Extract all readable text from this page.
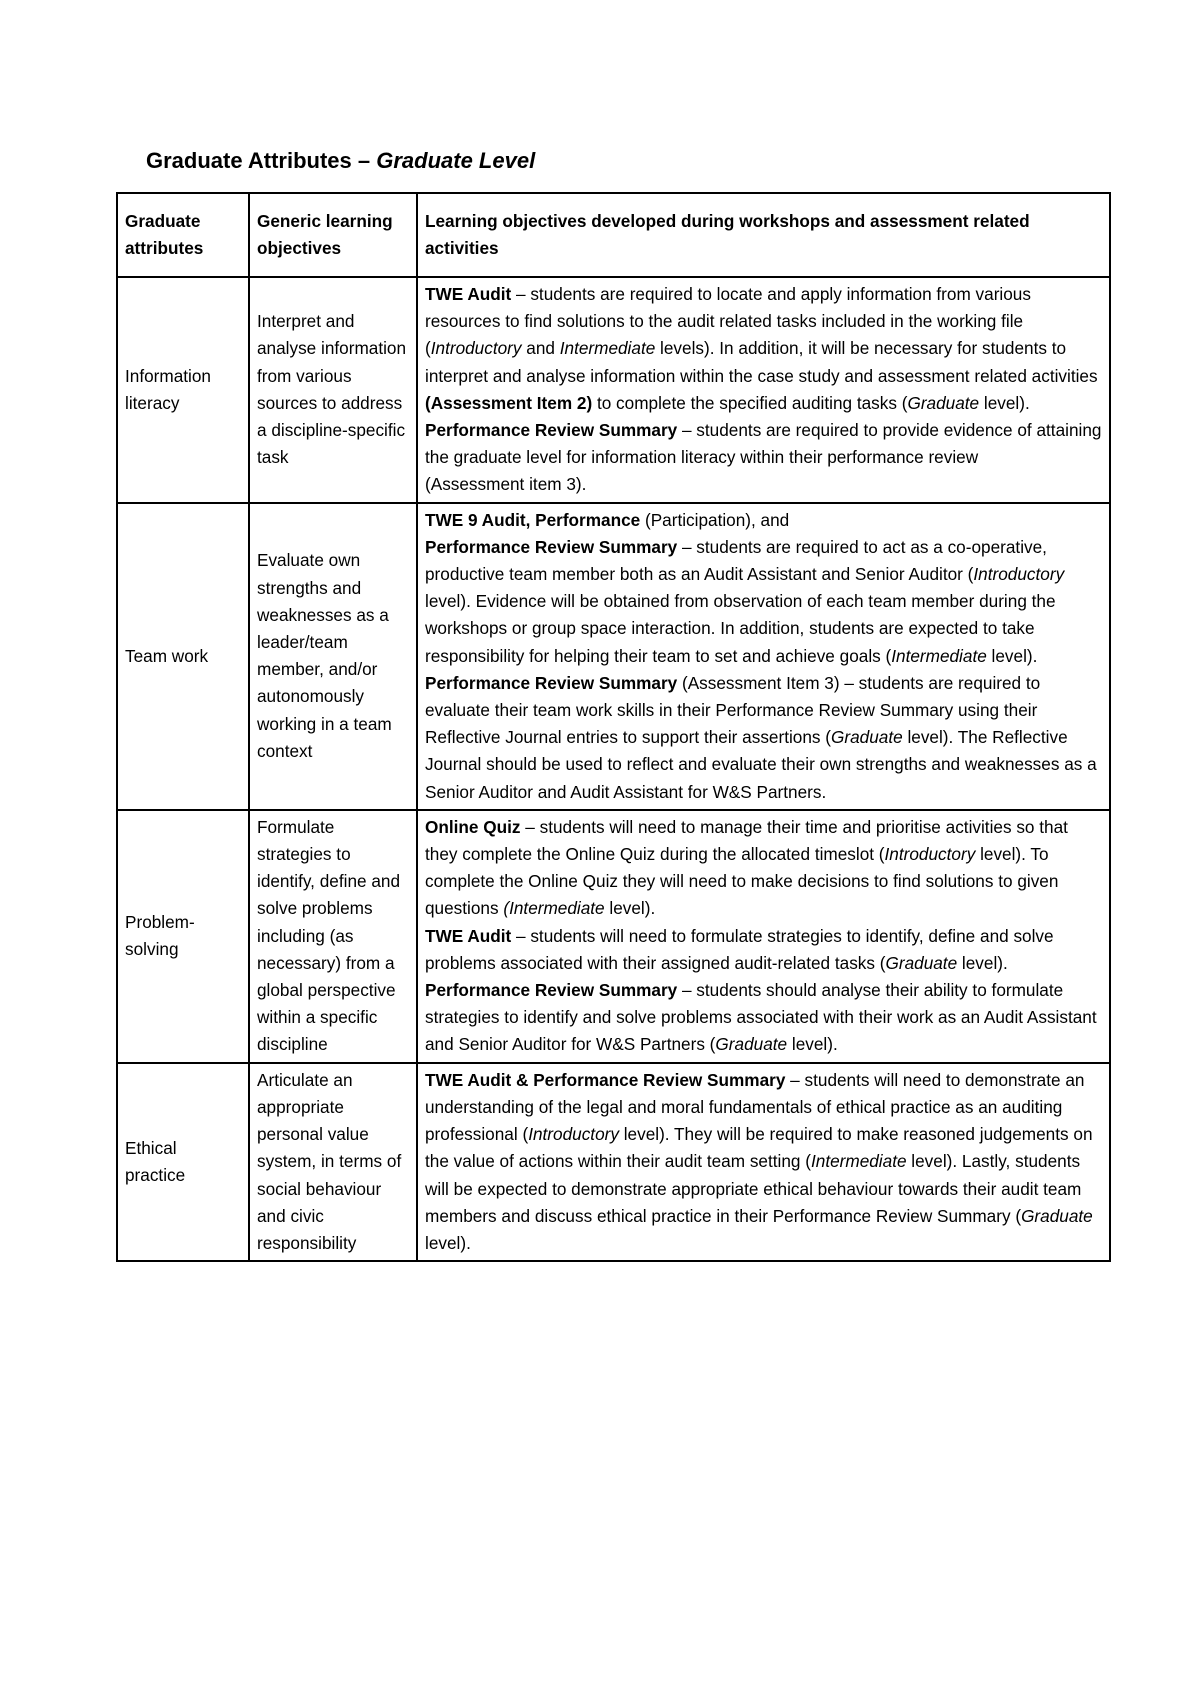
Graduate Attributes – Graduate Level
Graduate attributes	Generic learning objectives	Learning objectives developed during workshops and assessment related activities
Information literacy	Interpret and analyse information from various sources to address a discipline-specific task	TWE Audit – students are required to locate and apply information from various resources to find solutions to the audit related tasks included in the working file (Introductory and Intermediate levels). In addition, it will be necessary for students to interpret and analyse information within the case study and assessment related activities (Assessment Item 2) to complete the specified auditing tasks (Graduate level).

Performance Review Summary – students are required to provide evidence of attaining the graduate level for information literacy within their performance review

(Assessment item 3).

Team work	Evaluate own strengths and weaknesses as a leader/team member, and/or autonomously working in a team context	TWE 9 Audit, Performance (Participation), and

Performance Review Summary – students are required to act as a co-operative, productive team member both as an Audit Assistant and Senior Auditor (Introductory level). Evidence will be obtained from observation of each team member during the workshops or group space interaction. In addition, students are expected to take responsibility for helping their team to set and achieve goals (Intermediate level).

Performance Review Summary (Assessment Item 3) – students are required to evaluate their team work skills in their Performance Review Summary using their Reflective Journal entries to support their assertions (Graduate level). The Reflective Journal should be used to reflect and evaluate their own strengths and weaknesses as a Senior Auditor and Audit Assistant for W&S Partners.

Problem-solving	Formulate strategies to identify, define and solve problems including (as necessary) from a global perspective within a specific discipline	Online Quiz – students will need to manage their time and prioritise activities so that they complete the Online Quiz during the allocated timeslot (Introductory level). To complete the Online Quiz they will need to make decisions to find solutions to given questions (Intermediate level).

TWE Audit – students will need to formulate strategies to identify, define and solve problems associated with their assigned audit-related tasks (Graduate level).

Performance Review Summary – students should analyse their ability to formulate strategies to identify and solve problems associated with their work as an Audit Assistant and Senior Auditor for W&S Partners (Graduate level).

Ethical practice	Articulate an appropriate personal value system, in terms of social behaviour and civic responsibility	TWE Audit & Performance Review Summary – students will need to demonstrate an understanding of the legal and moral fundamentals of ethical practice as an auditing professional (Introductory level). They will be required to make reasoned judgements on the value of actions within their audit team setting (Intermediate level). Lastly, students will be expected to demonstrate appropriate ethical behaviour towards their audit team members and discuss ethical practice in their Performance Review Summary (Graduate level).
